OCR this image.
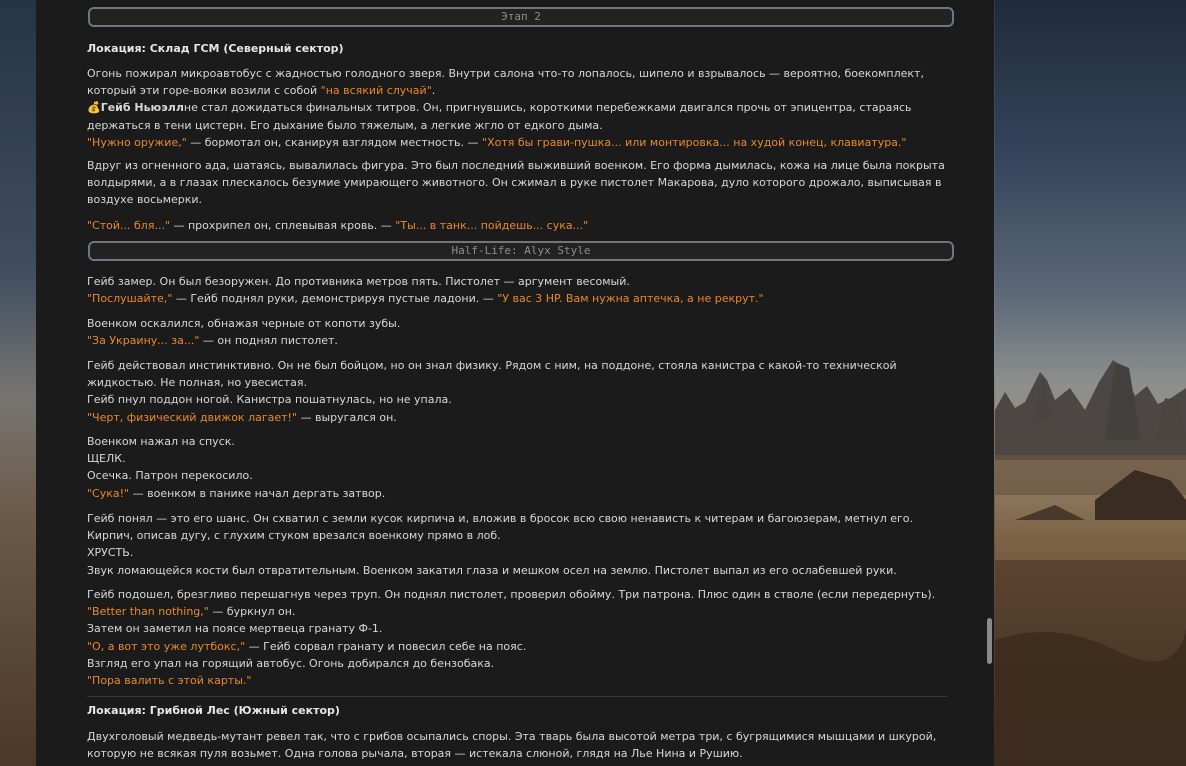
Этап 2
Локация: Склад ГСМ (Северный сектор)
Огонь пожирал микроавтобус с жадностью голодного зверя. Внутри салона что-то лопалось, шипело и взрывалось — вероятно, боекомплект, который эти горе-вояки возили с собой "на всякий случай".
💰Гейб Ньюэллне стал дожидаться финальных титров. Он, пригнувшись, короткими перебежками двигался прочь от эпицентра, стараясь держаться в тени цистерн. Его дыхание было тяжелым, а легкие жгло от едкого дыма.
"Нужно оружие," — бормотал он, сканируя взглядом местность. — "Хотя бы грави-пушка... или монтировка... на худой конец, клавиатура."
Вдруг из огненного ада, шатаясь, вывалилась фигура. Это был последний выживший военком. Его форма дымилась, кожа на лице была покрыта волдырями, а в глазах плескалось безумие умирающего животного. Он сжимал в руке пистолет Макарова, дуло которого дрожало, выписывая в воздухе восьмерки.
"Стой... бля..." — прохрипел он, сплевывая кровь. — "Ты... в танк... пойдешь... сука..."
Half-Life: Alyx Style
Гейб замер. Он был безоружен. До противника метров пять. Пистолет — аргумент весомый.
"Послушайте," — Гейб поднял руки, демонстрируя пустые ладони. — "У вас 3 HP. Вам нужна аптечка, а не рекрут."
Военком оскалился, обнажая черные от копоти зубы.
"За Украину... за..." — он поднял пистолет.
Гейб действовал инстинктивно. Он не был бойцом, но он знал физику. Рядом с ним, на поддоне, стояла канистра с какой-то технической жидкостью. Не полная, но увесистая.
Гейб пнул поддон ногой. Канистра пошатнулась, но не упала.
"Черт, физический движок лагает!" — выругался он.
Военком нажал на спуск.
ЩЕЛК.
Осечка. Патрон перекосило.
"Сука!" — военком в панике начал дергать затвор.
Гейб понял — это его шанс. Он схватил с земли кусок кирпича и, вложив в бросок всю свою ненависть к читерам и багоюзерам, метнул его.
Кирпич, описав дугу, с глухим стуком врезался военкому прямо в лоб.
ХРУСТЬ.
Звук ломающейся кости был отвратительным. Военком закатил глаза и мешком осел на землю. Пистолет выпал из его ослабевшей руки.
Гейб подошел, брезгливо перешагнув через труп. Он поднял пистолет, проверил обойму. Три патрона. Плюс один в стволе (если передернуть).
"Better than nothing," — буркнул он.
Затем он заметил на поясе мертвеца гранату Ф-1.
"О, а вот это уже лутбокс," — Гейб сорвал гранату и повесил себе на пояс.
Взгляд его упал на горящий автобус. Огонь добирался до бензобака.
"Пора валить с этой карты."
Локация: Грибной Лес (Южный сектор)
Двухголовый медведь-мутант ревел так, что с грибов осыпались споры. Эта тварь была высотой метра три, с бугрящимися мышцами и шкурой, которую не всякая пуля возьмет. Одна голова рычала, вторая — истекала слюной, глядя на Лье Нина и Рушию.
